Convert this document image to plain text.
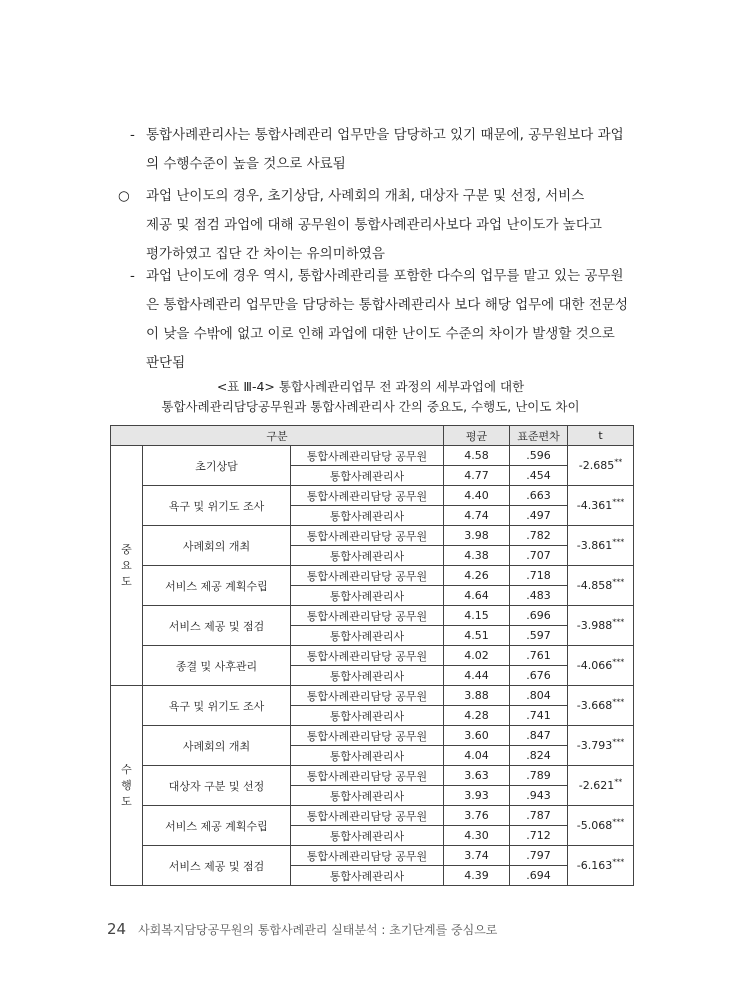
- 통합사례관리사는 통합사례관리 업무만을 담당하고 있기 때문에, 공무원보다 과업
의 수행수준이 높을 것으로 사료됨
○ 과업 난이도의 경우, 초기상담, 사례회의 개최, 대상자 구분 및 선정, 서비스
제공 및 점검 과업에 대해 공무원이 통합사례관리사보다 과업 난이도가 높다고
평가하였고 집단 간 차이는 유의미하였음
- 과업 난이도에 경우 역시, 통합사례관리를 포함한 다수의 업무를 맡고 있는 공무원
은 통합사례관리 업무만을 담당하는 통합사례관리사 보다 해당 업무에 대한 전문성
이 낮을 수밖에 없고 이로 인해 과업에 대한 난이도 수준의 차이가 발생할 것으로
판단됨
<표 Ⅲ-4> 통합사례관리업무 전 과정의 세부과업에 대한
통합사례관리담당공무원과 통합사례관리사 간의 중요도, 수행도, 난이도 차이
구분			평균	표준편차	t

중
요
도	초기상담	통합사례관리담당 공무원	4.58	.596	-2.685**
		통합사례관리사	4.77	.454	
	욕구 및 위기도 조사	통합사례관리담당 공무원	4.40	.663	-4.361***
		통합사례관리사	4.74	.497	
	사례회의 개최	통합사례관리담당 공무원	3.98	.782	-3.861***
		통합사례관리사	4.38	.707	
	서비스 제공 계획수립	통합사례관리담당 공무원	4.26	.718	-4.858***
		통합사례관리사	4.64	.483	
	서비스 제공 및 점검	통합사례관리담당 공무원	4.15	.696	-3.988***
		통합사례관리사	4.51	.597	
	종결 및 사후관리	통합사례관리담당 공무원	4.02	.761	-4.066***
		통합사례관리사	4.44	.676	

수
행
도	욕구 및 위기도 조사	통합사례관리담당 공무원	3.88	.804	-3.668***
		통합사례관리사	4.28	.741	
	사례회의 개최	통합사례관리담당 공무원	3.60	.847	-3.793***
		통합사례관리사	4.04	.824	
	대상자 구분 및 선정	통합사례관리담당 공무원	3.63	.789	-2.621**
		통합사례관리사	3.93	.943	
	서비스 제공 계획수립	통합사례관리담당 공무원	3.76	.787	-5.068***
		통합사례관리사	4.30	.712	
	서비스 제공 및 점검	통합사례관리담당 공무원	3.74	.797	-6.163***
		통합사례관리사	4.39	.694	
24 사회복지담당공무원의 통합사례관리 실태분석 : 초기단계를 중심으로
